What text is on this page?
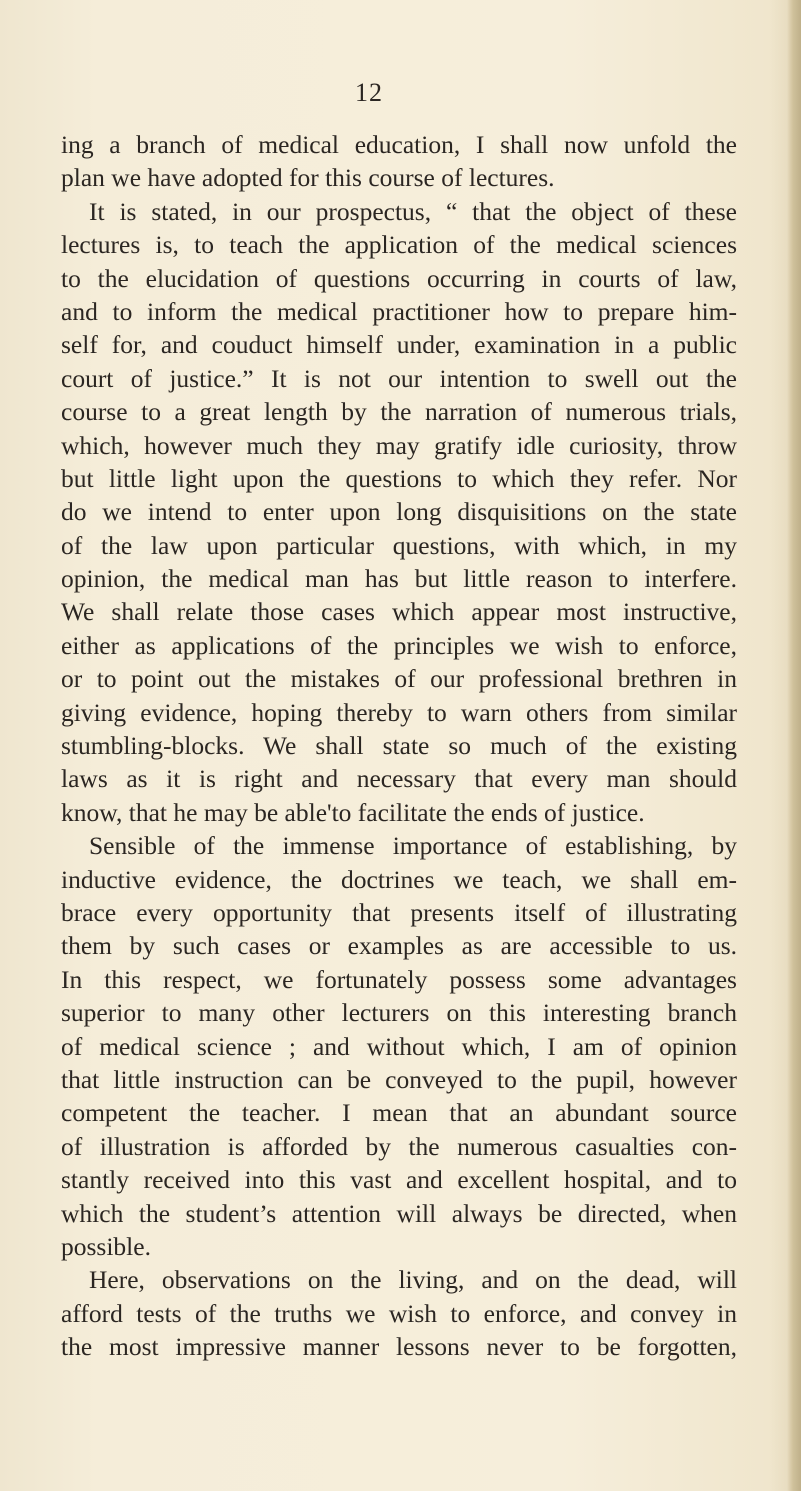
12
ing a branch of medical education, I shall now unfold the
plan we have adopted for this course of lectures.
It is stated, in our prospectus, “ that the object of these
lectures is, to teach the application of the medical sciences
to the elucidation of questions occurring in courts of law,
and to inform the medical practitioner how to prepare him-
self for, and couduct himself under, examination in a public
court of justice.” It is not our intention to swell out the
course to a great length by the narration of numerous trials,
which, however much they may gratify idle curiosity, throw
but little light upon the questions to which they refer. Nor
do we intend to enter upon long disquisitions on the state
of the law upon particular questions, with which, in my
opinion, the medical man has but little reason to interfere.
We shall relate those cases which appear most instructive,
either as applications of the principles we wish to enforce,
or to point out the mistakes of our professional brethren in
giving evidence, hoping thereby to warn others from similar
stumbling-blocks. We shall state so much of the existing
laws as it is right and necessary that every man should
know, that he may be able'to facilitate the ends of justice.
Sensible of the immense importance of establishing, by
inductive evidence, the doctrines we teach, we shall em-
brace every opportunity that presents itself of illustrating
them by such cases or examples as are accessible to us.
In this respect, we fortunately possess some advantages
superior to many other lecturers on this interesting branch
of medical science ; and without which, I am of opinion
that little instruction can be conveyed to the pupil, however
competent the teacher. I mean that an abundant source
of illustration is afforded by the numerous casualties con-
stantly received into this vast and excellent hospital, and to
which the student’s attention will always be directed, when
possible.
Here, observations on the living, and on the dead, will
afford tests of the truths we wish to enforce, and convey in
the most impressive manner lessons never to be forgotten,
